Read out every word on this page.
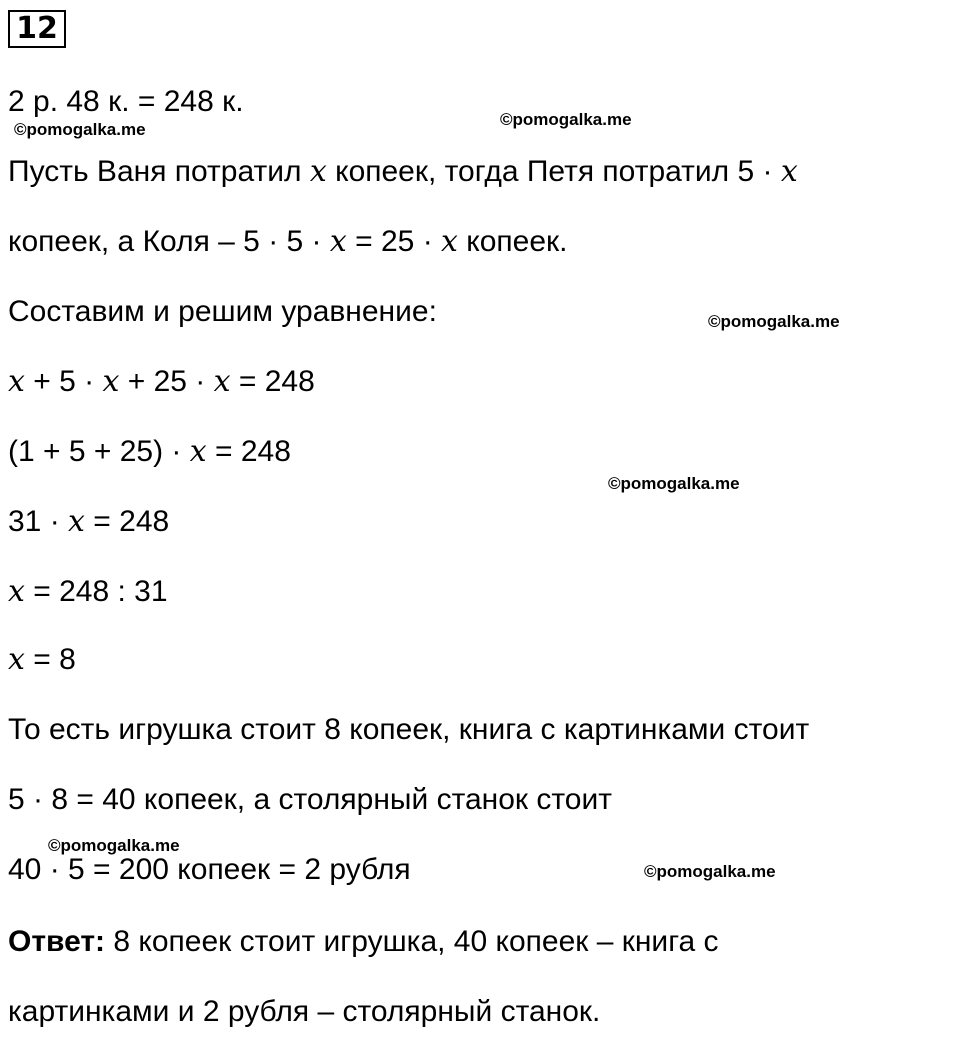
12
2 р. 48 к. = 248 к.
Пусть Ваня потратил 𝑥 копеек, тогда Петя потратил 5 · 𝑥
копеек, а Коля – 5 · 5 · 𝑥 = 25 · 𝑥 копеек.
Составим и решим уравнение:
𝑥 + 5 · 𝑥 + 25 · 𝑥 = 248
(1 + 5 + 25) · 𝑥 = 248
31 · 𝑥 = 248
𝑥 = 248 : 31
𝑥 = 8
То есть игрушка стоит 8 копеек, книга с картинками стоит
5 · 8 = 40 копеек, а столярный станок стоит
40 · 5 = 200 копеек = 2 рубля
Ответ: 8 копеек стоит игрушка, 40 копеек – книга с
картинками и 2 рубля – столярный станок.
©pomogalka.me
©pomogalka.me
©pomogalka.me
©pomogalka.me
©pomogalka.me
©pomogalka.me
